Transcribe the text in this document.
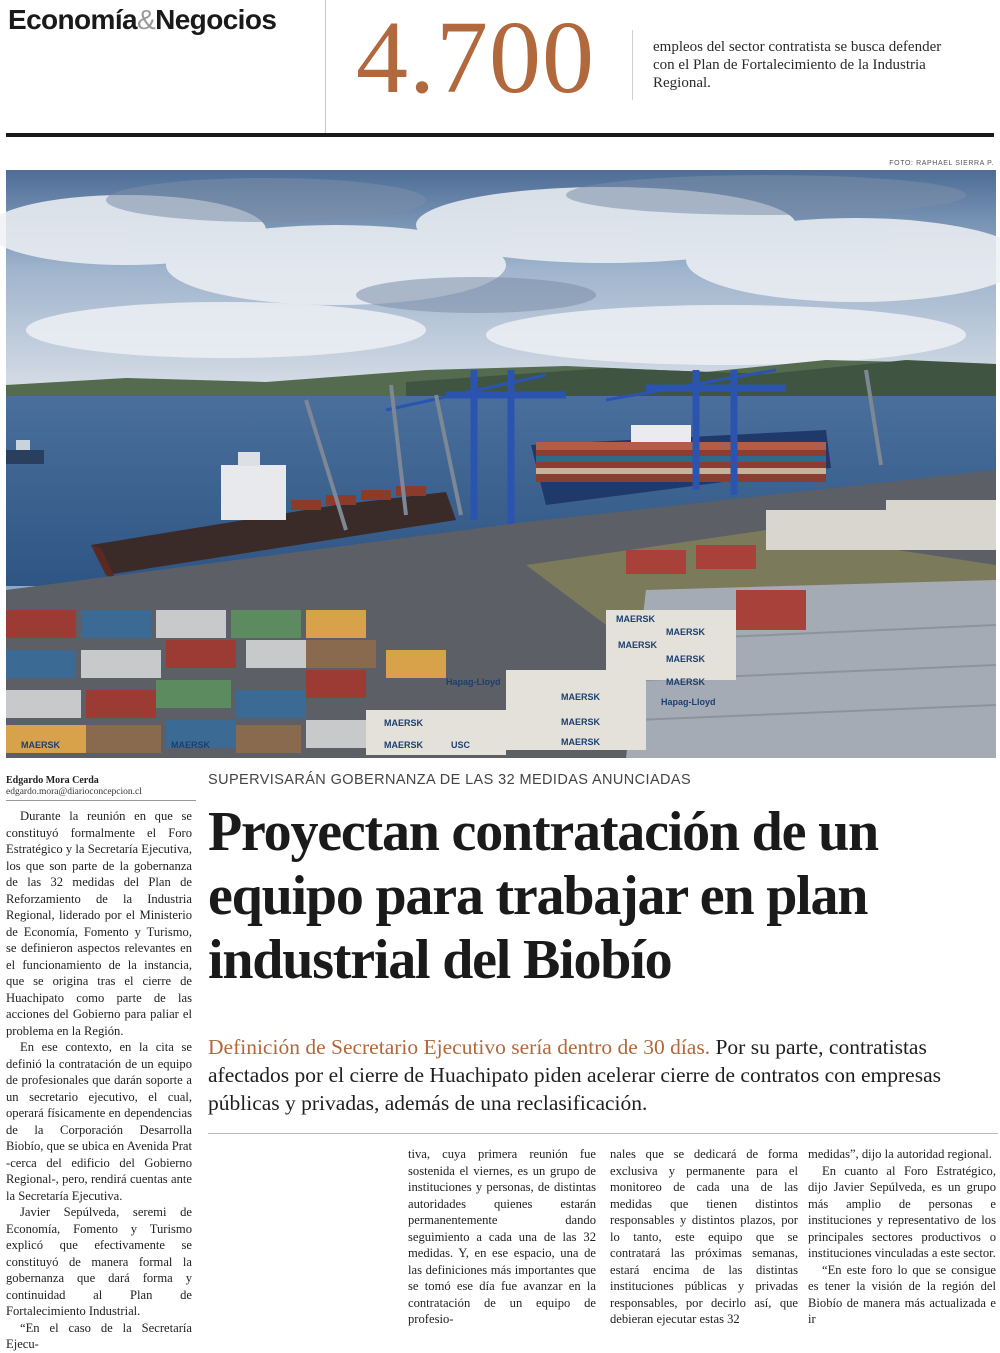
Economía&Negocios 4.700	empleos del sector contratista se busca defender con el Plan de Fortalecimiento de la Industria Regional.
FOTO: RAPHAEL SIERRA P.
MAERSK
MAERSK
MAERSK
MAERSK
MAERSK
MAERSK	Hapag-Lloyd
MAERSK
MAERSK
MAERSK
Hapag-Lloyd
MAERSK
MAERSK	USC
MAERSK
Edgardo Mora Cerda
edgardo.mora@diarioconcepcion.cl
SUPERVISARÁN GOBERNANZA DE LAS 32 MEDIDAS ANUNCIADAS
Proyectan contratación de un equipo para trabajar en plan industrial del Biobío
Definición de Secretario Ejecutivo sería dentro de 30 días. Por su parte, contratistas afectados por el cierre de Huachipato piden acelerar cierre de contratos con empresas públicas y privadas, además de una reclasificación.

Durante la reunión en que se constituyó formalmente el Foro Estratégico y la Secretaría Ejecutiva, los que son parte de la gobernanza de las 32 medidas del Plan de Reforzamiento de la Industria Regional, liderado por el Ministerio de Economía, Fomento y Turismo, se definieron aspectos relevantes en el funcionamiento de la instancia, que se origina tras el cierre de Huachipato como parte de las acciones del Gobierno para paliar el problema en la Región.

En ese contexto, en la cita se definió la contratación de un equipo de profesionales que darán soporte a un secretario ejecutivo, el cual, operará físicamente en dependencias de la Corporación Desarrolla Biobío, que se ubica en Avenida Prat -cerca del edificio del Gobierno Regional-, pero, rendirá cuentas ante la Secretaría Ejecutiva.

Javier Sepúlveda, seremi de Economía, Fomento y Turismo explicó que efectivamente se constituyó de manera formal la gobernanza que dará forma y continuidad al Plan de Fortalecimiento Industrial.

“En el caso de la Secretaría Ejecu-

tiva, cuya primera reunión fue sostenida el viernes, es un grupo de instituciones y personas, de distintas autoridades quienes estarán permanentemente dando seguimiento a cada una de las 32 medidas. Y, en ese espacio, una de las definiciones más importantes que se tomó ese día fue avanzar en la contratación de un equipo de profesio-

nales que se dedicará de forma exclusiva y permanente para el monitoreo de cada una de las medidas que tienen distintos responsables y distintos plazos, por lo tanto, este equipo que se contratará las próximas semanas, estará encima de las distintas instituciones públicas y privadas responsables, por decirlo así, que debieran ejecutar estas 32

medidas”, dijo la autoridad regional.

En cuanto al Foro Estratégico, dijo Javier Sepúlveda, es un grupo más amplio de personas e instituciones y representativo de los principales sectores productivos o instituciones vinculadas a este sector.

“En este foro lo que se consigue es tener la visión de la región del Biobío de manera más actualizada e ir
